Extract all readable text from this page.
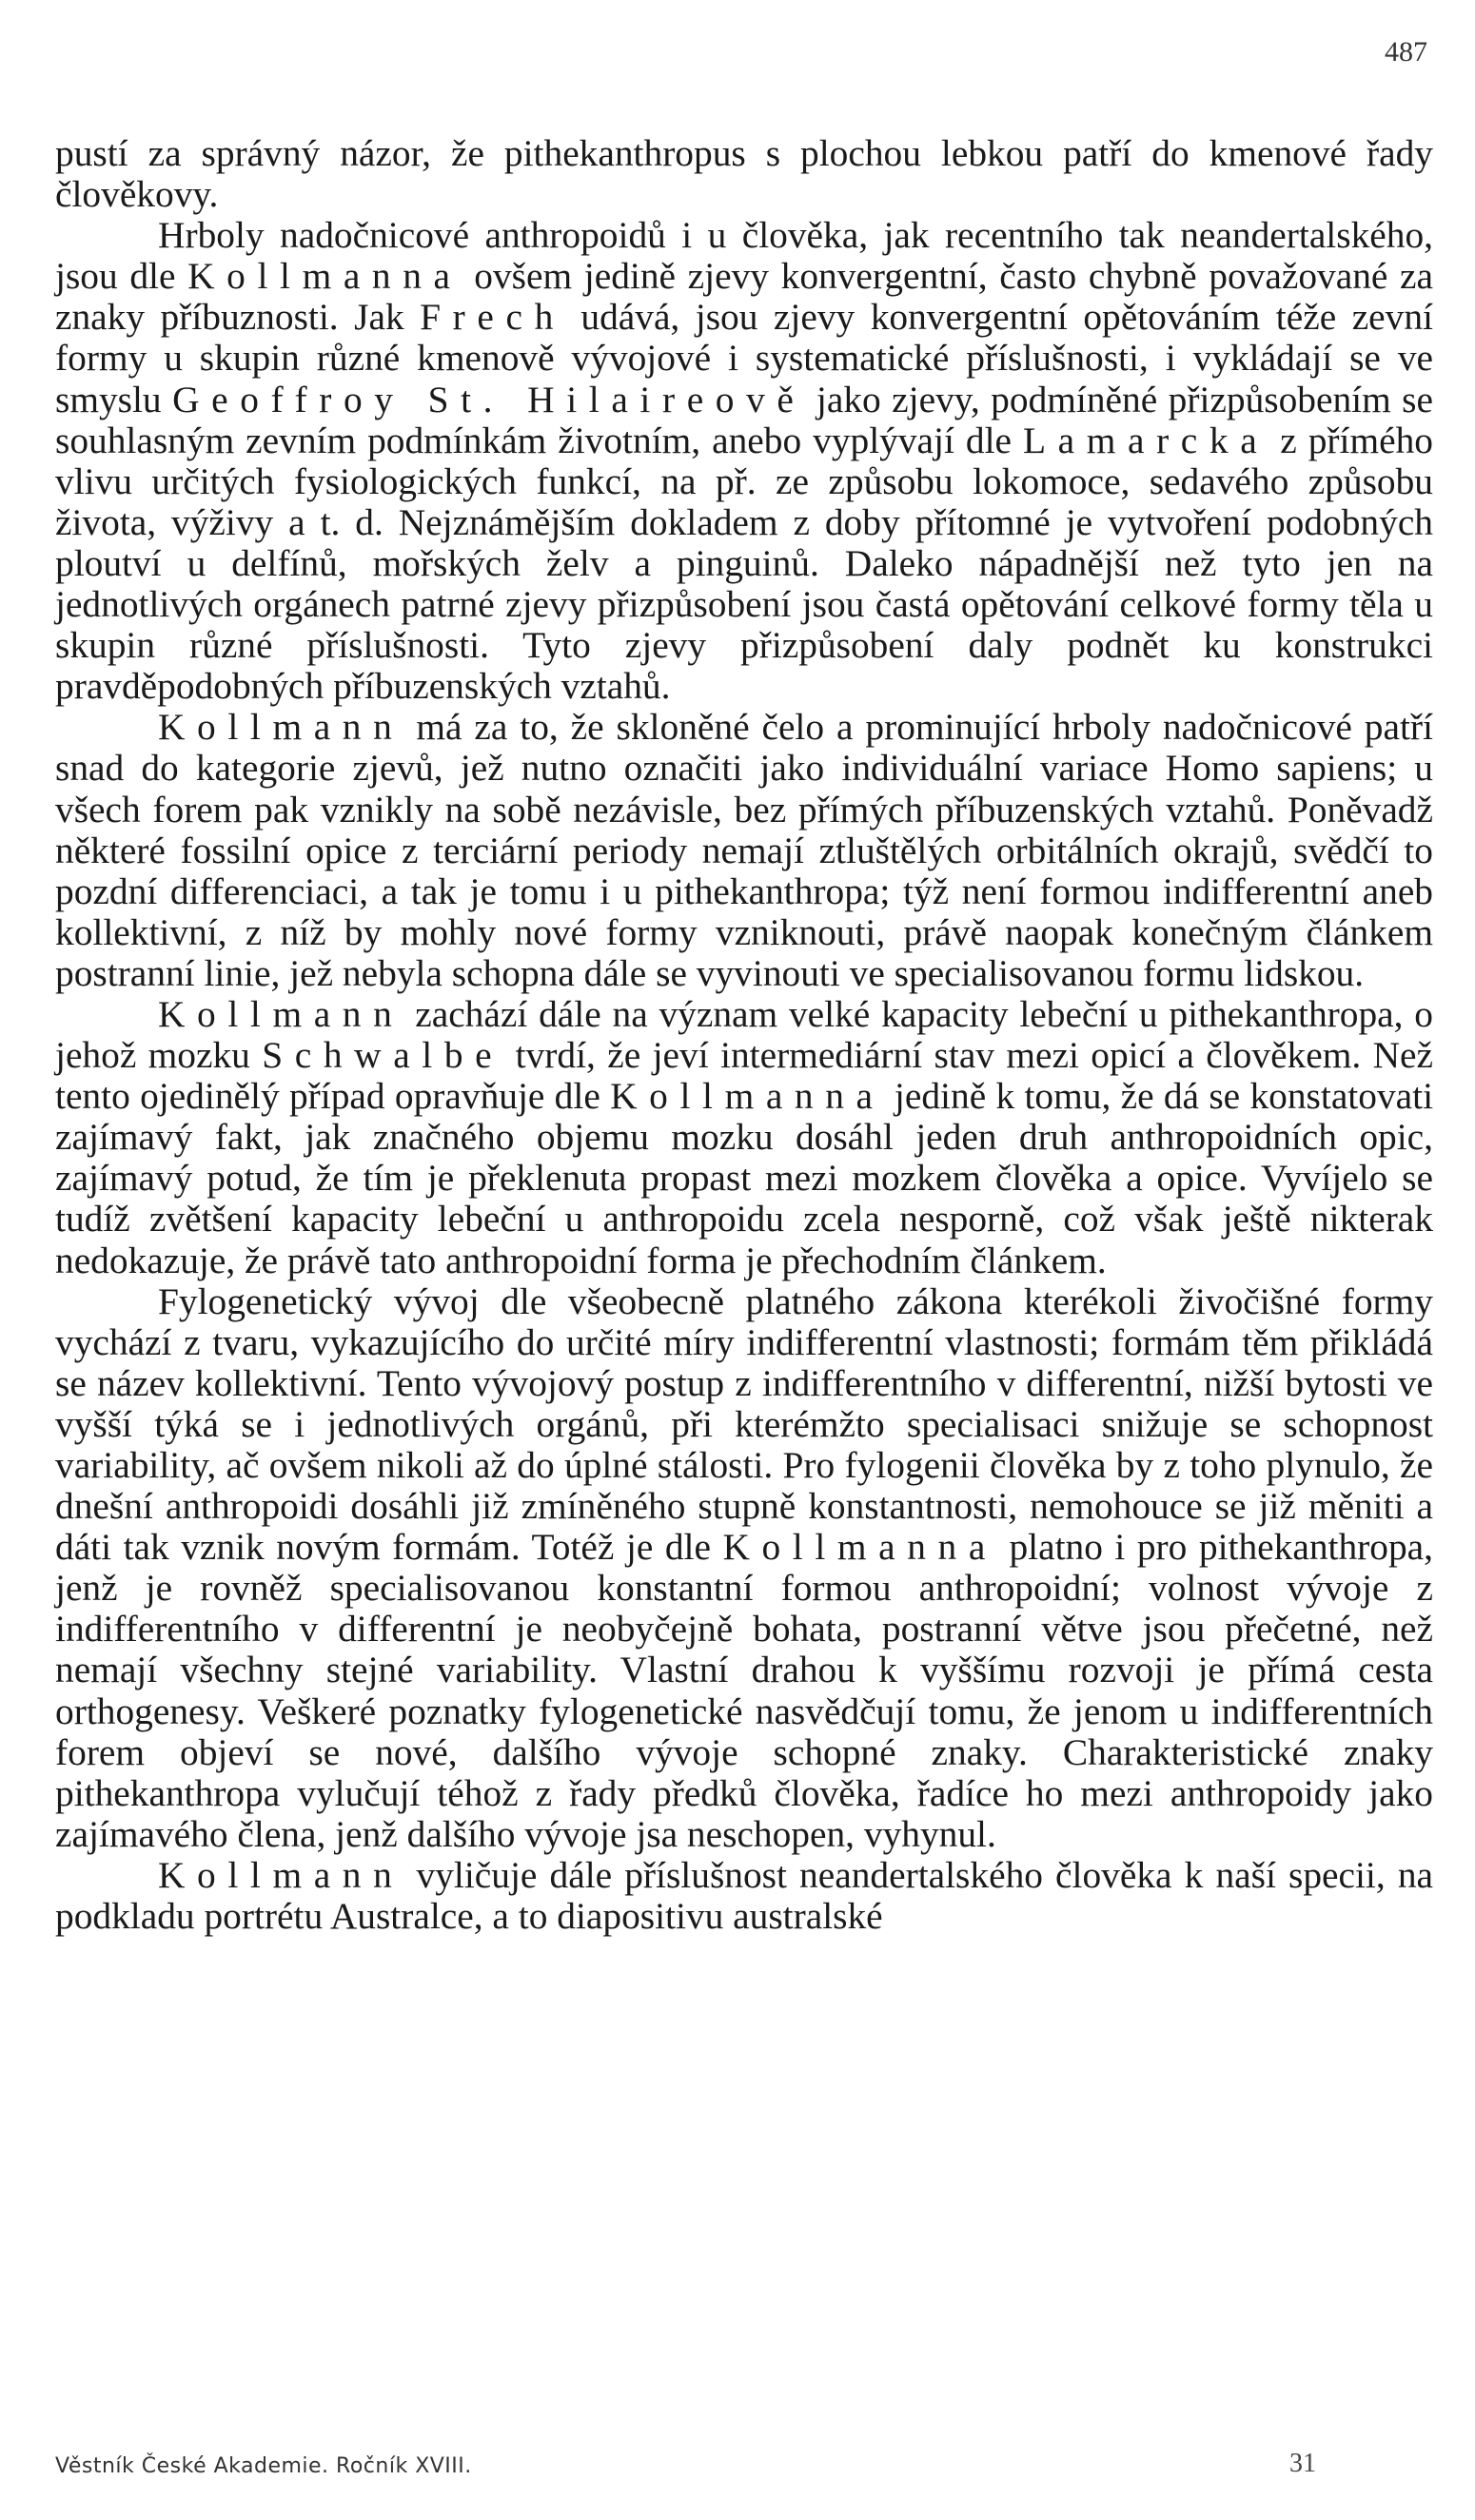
487

pustí za správný názor, že pithekanthropus s plochou lebkou patří do kmenové řady člověkovy.

Hrboly nadočnicové anthropoidů i u člověka, jak recentního tak neandertalského, jsou dle Kollmanna ovšem jedině zjevy konvergentní, často chybně považované za znaky příbuznosti. Jak Frech udává, jsou zjevy konvergentní opětováním téže zevní formy u skupin různé kmenově vývojové i systematické příslušnosti, i vykládají se ve smyslu Geoffroy St. Hilaireově jako zjevy, podmíněné přizpůsobením se souhlasným zevním podmínkám životním, anebo vyplývají dle Lamarcka z přímého vlivu určitých fysiologických funkcí, na př. ze způsobu lokomoce, sedavého způsobu života, výživy a t. d. Nejznámějším dokladem z doby přítomné je vytvoření podobných ploutví u delfínů, mořských želv a pinguinů. Daleko nápadnější než tyto jen na jednotlivých orgánech patrné zjevy přizpůsobení jsou častá opětování celkové formy těla u skupin různé příslušnosti. Tyto zjevy přizpůsobení daly podnět ku konstrukci pravděpodobných příbuzenských vztahů.

Kollmann má za to, že skloněné čelo a prominující hrboly nadočnicové patří snad do kategorie zjevů, jež nutno označiti jako individuální variace Homo sapiens; u všech forem pak vznikly na sobě nezávisle, bez přímých příbuzenských vztahů. Poněvadž některé fossilní opice z terciární periody nemají ztluštělých orbitálních okrajů, svědčí to pozdní differenciaci, a tak je tomu i u pithekanthropa; týž není formou indifferentní aneb kollektivní, z níž by mohly nové formy vzniknouti, právě naopak konečným článkem postranní linie, jež nebyla schopna dále se vyvinouti ve specialisovanou formu lidskou.

Kollmann zachází dále na význam velké kapacity lebeční u pithekanthropa, o jehož mozku Schwalbe tvrdí, že jeví intermediární stav mezi opicí a člověkem. Než tento ojedinělý případ opravňuje dle Kollmanna jedině k tomu, že dá se konstatovati zajímavý fakt, jak značného objemu mozku dosáhl jeden druh anthropoidních opic, zajímavý potud, že tím je překlenuta propast mezi mozkem člověka a opice. Vyvíjelo se tudíž zvětšení kapacity lebeční u anthropoidu zcela nesporně, což však ještě nikterak nedokazuje, že právě tato anthropoidní forma je přechodním článkem.

Fylogenetický vývoj dle všeobecně platného zákona kterékoli živočišné formy vychází z tvaru, vykazujícího do určité míry indifferentní vlastnosti; formám těm přikládá se název kollektivní. Tento vývojový postup z indifferentního v differentní, nižší bytosti ve vyšší týká se i jednotlivých orgánů, při kterémžto specialisaci snižuje se schopnost variability, ač ovšem nikoli až do úplné stálosti. Pro fylogenii člověka by z toho plynulo, že dnešní anthropoidi dosáhli již zmíněného stupně konstantnosti, nemohouce se již měniti a dáti tak vznik novým formám. Totéž je dle Kollmanna platno i pro pithekanthropa, jenž je rovněž specialisovanou konstantní formou anthropoidní; volnost vývoje z indifferentního v differentní je neobyčejně bohata, postranní větve jsou přečetné, než nemají všechny stejné variability. Vlastní drahou k vyššímu rozvoji je přímá cesta orthogenesy. Veškeré poznatky fylogenetické nasvědčují tomu, že jenom u indifferentních forem objeví se nové, dalšího vývoje schopné znaky. Charakteristické znaky pithekanthropa vylučují téhož z řady předků člověka, řadíce ho mezi anthropoidy jako zajímavého člena, jenž dalšího vývoje jsa neschopen, vyhynul.

Kollmann vyličuje dále příslušnost neandertalského člověka k naší specii, na podkladu portrétu Australce, a to diapositivu australské

Věstník České Akademie. Ročník XVIII.	31
